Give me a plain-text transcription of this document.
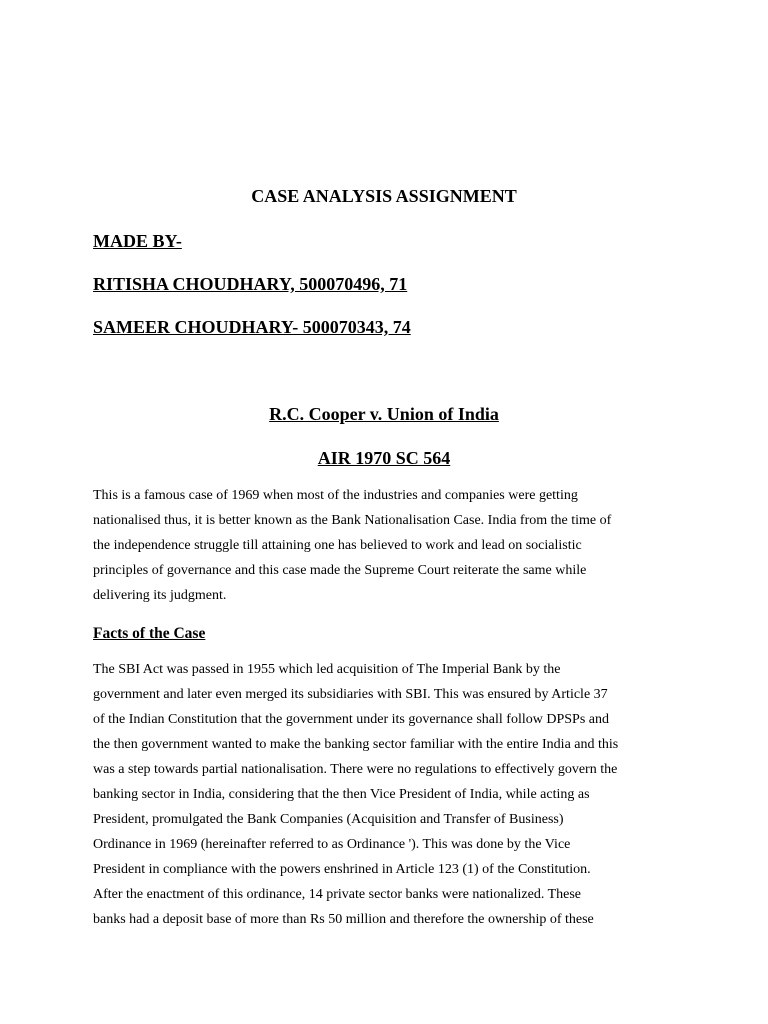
CASE ANALYSIS ASSIGNMENT
MADE BY-
RITISHA CHOUDHARY, 500070496, 71
SAMEER CHOUDHARY- 500070343, 74
R.C. Cooper v. Union of India
AIR 1970 SC 564
This is a famous case of 1969 when most of the industries and companies were getting
nationalised thus, it is better known as the Bank Nationalisation Case. India from the time of
the independence struggle till attaining one has believed to work and lead on socialistic
principles of governance and this case made the Supreme Court reiterate the same while
delivering its judgment.
Facts of the Case
The SBI Act was passed in 1955 which led acquisition of The Imperial Bank by the
government and later even merged its subsidiaries with SBI. This was ensured by Article 37
of the Indian Constitution that the government under its governance shall follow DPSPs and
the then government wanted to make the banking sector familiar with the entire India and this
was a step towards partial nationalisation. There were no regulations to effectively govern the
banking sector in India, considering that the then Vice President of India, while acting as
President, promulgated the Bank Companies (Acquisition and Transfer of Business)
Ordinance in 1969 (hereinafter referred to as Ordinance '). This was done by the Vice
President in compliance with the powers enshrined in Article 123 (1) of the Constitution.
After the enactment of this ordinance, 14 private sector banks were nationalized. These
banks had a deposit base of more than Rs 50 million and therefore the ownership of these
